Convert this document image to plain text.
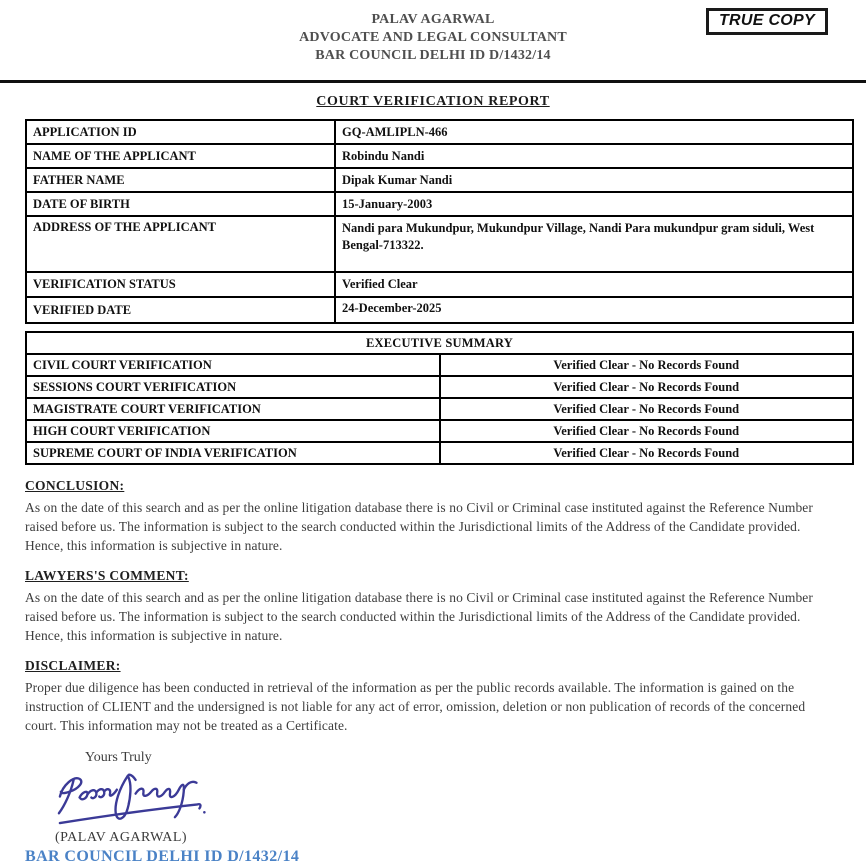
TRUE COPY
PALAV AGARWAL
ADVOCATE AND LEGAL CONSULTANT
BAR COUNCIL DELHI ID D/1432/14
COURT VERIFICATION REPORT
APPLICATION ID	GQ-AMLIPLN-466
NAME OF THE APPLICANT	Robindu Nandi
FATHER NAME	Dipak Kumar Nandi
DATE OF BIRTH	15-January-2003
ADDRESS OF THE APPLICANT	Nandi para Mukundpur, Mukundpur Village, Nandi Para mukundpur gram siduli, West Bengal-713322.
VERIFICATION STATUS	Verified Clear
VERIFIED DATE	24-December-2025
EXECUTIVE SUMMARY	
CIVIL COURT VERIFICATION	Verified Clear - No Records Found
SESSIONS COURT VERIFICATION	Verified Clear - No Records Found
MAGISTRATE COURT VERIFICATION	Verified Clear - No Records Found
HIGH COURT VERIFICATION	Verified Clear - No Records Found
SUPREME COURT OF INDIA VERIFICATION	Verified Clear - No Records Found
CONCLUSION:
As on the date of this search and as per the online litigation database there is no Civil or Criminal case instituted against the Reference Number raised before us. The information is subject to the search conducted within the Jurisdictional limits of the Address of the Candidate provided. Hence, this information is subjective in nature.
LAWYERS'S COMMENT:
As on the date of this search and as per the online litigation database there is no Civil or Criminal case instituted against the Reference Number raised before us. The information is subject to the search conducted within the Jurisdictional limits of the Address of the Candidate provided. Hence, this information is subjective in nature.
DISCLAIMER:
Proper due diligence has been conducted in retrieval of the information as per the public records available. The information is gained on the instruction of CLIENT and the undersigned is not liable for any act of error, omission, deletion or non publication of records of the concerned court. This information may not be treated as a Certificate.
Yours Truly
(PALAV AGARWAL)
BAR COUNCIL DELHI ID D/1432/14
